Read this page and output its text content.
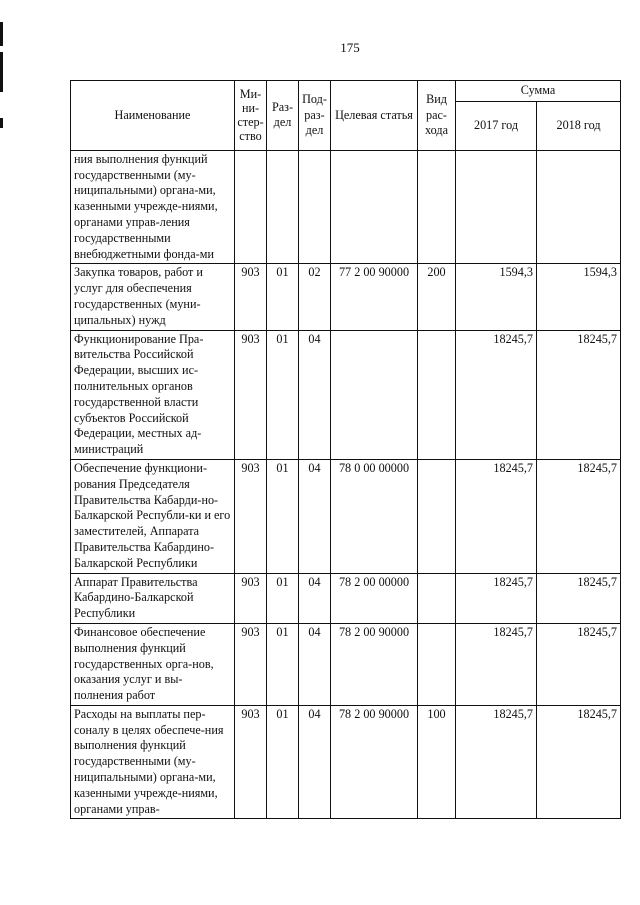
175
Наименование	Ми-ни-стер-ство	Раз-дел	Под-раз-дел	Целевая статья	Вид рас-хода	Сумма	
						2017 год	2018 год
ния выполнения функций государственными (му-ниципальными) органа-ми, казенными учрежде-ниями, органами управ-ления государственными внебюджетными фонда-ми							
Закупка товаров, работ и услуг для обеспечения государственных (муни-ципальных) нужд	903	01	02	77 2 00 90000	200	1594,3	1594,3
Функционирование Пра-вительства Российской Федерации, высших ис-полнительных органов государственной власти субъектов Российской Федерации, местных ад-министраций	903	01	04			18245,7	18245,7
Обеспечение функциони-рования Председателя Правительства Кабарди-но-Балкарской Республи-ки и его заместителей, Аппарата Правительства Кабардино-Балкарской Республики	903	01	04	78 0 00 00000		18245,7	18245,7
Аппарат Правительства Кабардино-Балкарской Республики	903	01	04	78 2 00 00000		18245,7	18245,7
Финансовое обеспечение выполнения функций государственных орга-нов, оказания услуг и вы-полнения работ	903	01	04	78 2 00 90000		18245,7	18245,7
Расходы на выплаты пер-соналу в целях обеспече-ния выполнения функций государственными (му-ниципальными) органа-ми, казенными учрежде-ниями, органами управ-	903	01	04	78 2 00 90000	100	18245,7	18245,7
